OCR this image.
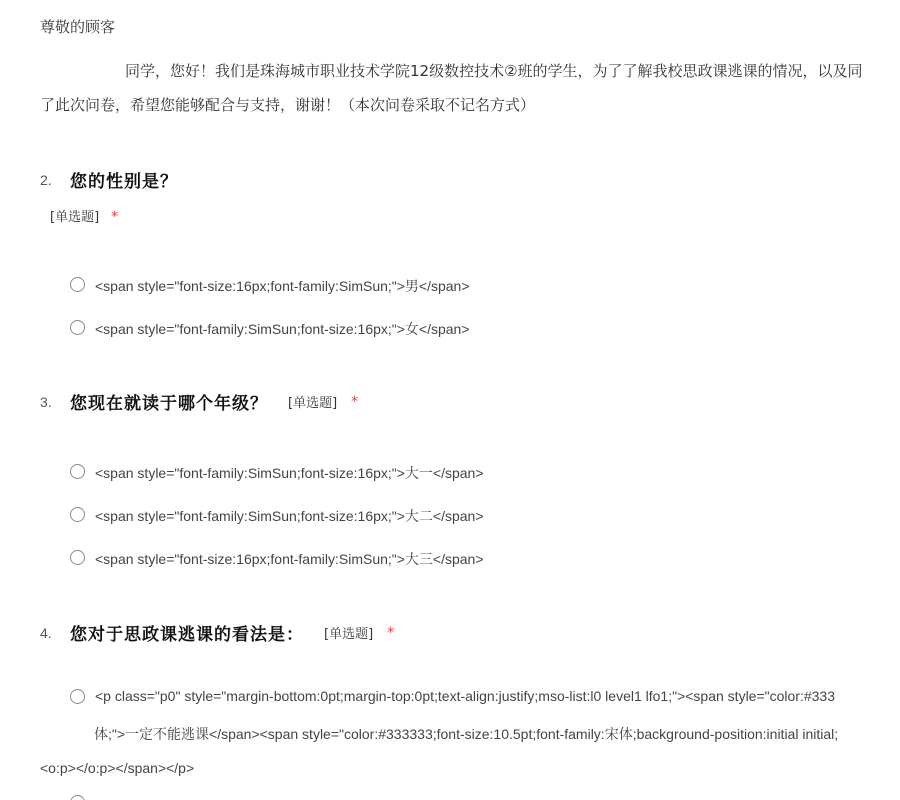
尊敬的顾客

同学，您好！我们是珠海城市职业技术学院12级数控技术②班的学生，为了了解我校思政课逃课的情况，以及同

了此次问卷，希望您能够配合与支持，谢谢！（本次问卷采取不记名方式）

2.	您的性别是？
[单选题] *
<span style="font-size:16px;font-family:SimSun;">男</span>
<span style="font-family:SimSun;font-size:16px;">女</span>
3.	您现在就读于哪个年级？ [单选题] *
<span style="font-family:SimSun;font-size:16px;">大一</span>
<span style="font-family:SimSun;font-size:16px;">大二</span>
<span style="font-size:16px;font-family:SimSun;">大三</span>
4.	您对于思政课逃课的看法是： [单选题] *
<p class="p0" style="margin-bottom:0pt;margin-top:0pt;text-align:justify;mso-list:l0 level1 lfo1;"><span style="color:#333
体;">一定不能逃课</span><span style="color:#333333;font-size:10.5pt;font-family:宋体;background-position:initial initial;
<o:p></o:p></span></p>
